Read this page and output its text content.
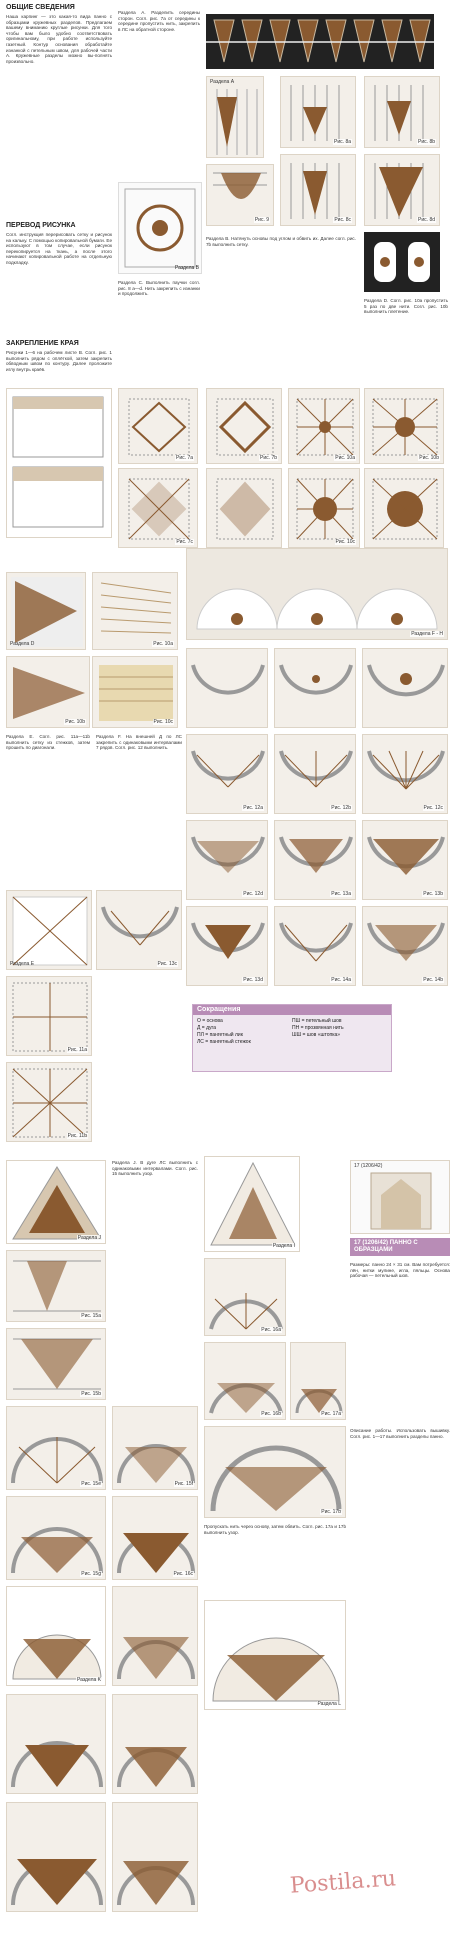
ОБЩИЕ СВЕДЕНИЯ
Наша карпинг — это какая-то вида панно с образцами кружевных разделов. Предлагаем вашему вниманию круглые рисунки. Для того чтобы вам было удобно соответствовать оригинальному, при работе используйте газетный. Контур основания обработайте изнанкой с петельным швом, для рабочей части А. Кружевные разделы можно вы-полнять произвольно.
ПЕРЕВОД РИСУНКА
Согл. инструкция перерисовать сетку и рисунок на кальку. С помощью копировальной бумаги. Ее используют в том случае, если рисунок перекопируется на ткань, а после этого начинают копировальной работе на отдельную подкладку.
ЗАКРЕПЛЕНИЕ КРАЯ
Рисунки 1—6 на рабочем листе В. Согл. рис. 1 выполнить рядом с оплёткой, затем закрепить обводным швом по контуру. Далее проложите иглу внутрь краёв.
Раздела А. Разделить середины сторон. Согл. рис. 7а от середины к середине пропустить нить, закрепить в ЛС на обратной стороне.
Раздела А
Рис. 8а	Рис. 8b
Рис. 8c	Рис. 8d
Рис. 9
Раздела В
Раздела B. Натянуть основы под углом и обвить их. Далее согл. рис. 7b выполнить сетку.
Раздела С. Выполнить паучки согл. рис. 8 а—d. Нить закрепить с изнанки и продолжить.
Раздела D. Согл. рис. 10а пропустить 5 раз по две нити. Согл. рис. 10b выполнить плетение.
Рис. 7a	Рис. 7b	Рис. 10a	Рис. 10b
Рис. 7c	Рис. 10c
Раздела D	Рис. 10a
Раздела F - H
Рис. 10b	Рис. 10c
Раздела Е. Согл. рис. 11а—11b выполнить сетку из стежков, затем прошить по диагонали.
Раздела F. На внешней Д по ЛС закрепить с одинаковыми интервалами 7 рядов. Согл. рис. 12 выполнить.
Рис. 12a	Рис. 12b	Рис. 12c
Рис. 12d	Рис. 13a	Рис. 13b
Раздела E	Рис. 13c
Рис. 13d	Рис. 14a	Рис. 14b
Рис. 11a
Рис. 11b
Сокращения
О = основа
Д = дуга
ПЛ = пангетный лик
ЛС = пангетный стежок
ПШ = петельный шов
ПН = прозвянная нить
ШШ = шов «штопка»
Раздела J
Рис. 15a
Рис. 15b
Раздела J. В дуге ЛС выполнить с одинаковыми интервалами. Согл. рис. 15 выполнить узор.
Раздела I
17 (1206/42)
17 (1206/42) ПАННО С ОБРАЗЦАМИ
Размеры: панно 24 × 31 см. Вам потребуется: лён, нитки мулине, игла, пяльцы. Основа рабочая — петельный шов.
Рис. 16a
Рис. 16b	Рис. 17a
Рис. 15e	Рис. 15f
Рис. 17b
Описание работы. Использовать вышивку. Согл. рис. 1—17 выполнить разделы панно.
Рис. 15g	Рис. 16c
Пропускать нить через основу, затем обвить. Согл. рис. 17а и 17b выполнить узор.
Раздела K
Раздела L
Postila.ru
